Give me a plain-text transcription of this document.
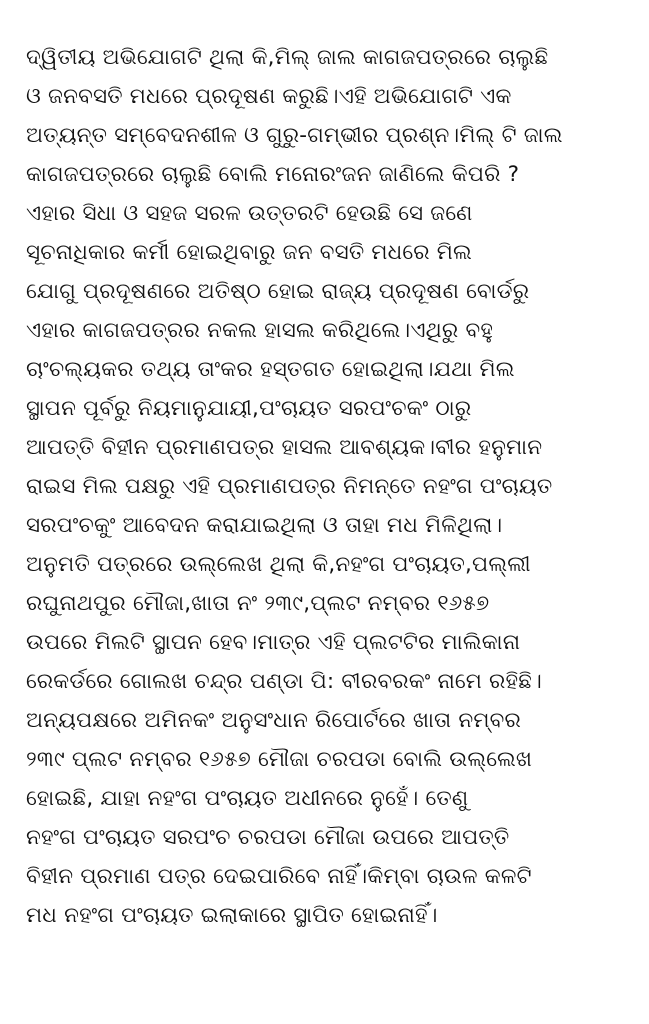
ଦ୍ୱିତୀୟ ଅଭିଯୋଗଟି ଥିଲା କି,ମିଲ୍ ଜାଲ କାଗଜପତ୍ରରେ ଚାଲୁଛି
ଓ ଜନବସତି ମଧରେ ପ୍ରଦୂଷଣ କରୁଛି।ଏହି ଅଭିଯୋଗଟି ଏକ
ଅତ୍ୟନ୍ତ ସମ୍ବେଦନଶୀଳ ଓ ଗୁରୁ-ଗମ୍ଭୀର ପ୍ରଶ୍ନ।ମିଲ୍ ଟି ଜାଲ
କାଗଜପତ୍ରରେ ଚାଲୁଛି ବୋଲି ମନୋରଂଜନ ଜାଣିଲେ କିପରି ?
ଏହାର ସିଧା ଓ ସହଜ ସରଳ ଉତ୍ତରଟି ହେଉଛି ସେ ଜଣେ
ସୂଚନାଧିକାର କର୍ମୀ ହୋଇଥିବାରୁ ଜନ ବସତି ମଧରେ ମିଲ
ଯୋଗୁ ପ୍ରଦୂଷଣରେ ଅତିଷ୍ଠ ହୋଇ ରାଜ୍ୟ ପ୍ରଦୂଷଣ ବୋର୍ଡରୁ
ଏହାର କାଗଜପତ୍ରର ନକଲ ହାସଲ କରିଥିଲେ।ଏଥିରୁ ବହୁ
ଚାଂଚଲ୍ୟକର ତଥ୍ୟ ତାଂକର ହସ୍ତଗତ ହୋଇଥିଲା।ଯଥା ମିଲ
ସ୍ଥାପନ ପୂର୍ବରୁ ନିୟମାନୁଯାୟୀ,ପଂଚାୟତ ସରପଂଚକଂ ଠାରୁ
ଆପତ୍ତି ବିହୀନ ପ୍ରମାଣପତ୍ର ହାସଲ ଆବଶ୍ୟକ।ବୀର ହନୁମାନ
ରାଇସ ମିଲ ପକ୍ଷରୁ ଏହି ପ୍ରମାଣପତ୍ର ନିମନ୍ତେ ନହଂଗ ପଂଚାୟତ
ସରପଂଚକୁଂ ଆବେଦନ କରାଯାଇଥିଲା ଓ ତାହା ମଧ ମିଳିଥିଲା।
ଅନୁମତି ପତ୍ରରେ ଉଲ୍ଲେଖ ଥିଲା କି,ନହଂଗ ପଂଚାୟତ,ପଲ୍ଲୀ
ରଘୁନାଥପୁର ମୌଜା,ଖାତା ନଂ ୨୩୯,ପ୍ଲଟ ନମ୍ବର ୧୬୫୭
ଉପରେ ମିଲଟି ସ୍ଥାପନ ହେବ।ମାତ୍ର ଏହି ପ୍ଲଟଟିର ମାଲିକାନା
ରେକର୍ଡରେ ଗୋଲଖ ଚନ୍ଦ୍ର ପଣ୍ଡା ପି: ବୀରବରକଂ ନାମେ ରହିଛି।
ଅନ୍ୟପକ୍ଷରେ ଅମିନକଂ ଅନୁସଂଧାନ ରିପୋର୍ଟରେ ଖାତା ନମ୍ବର
୨୩୯ ପ୍ଲଟ ନମ୍ବର ୧୬୫୭ ମୌଜା ଚରପଡା ବୋଲି ଉଲ୍ଲେଖ
ହୋଇଛି, ଯାହା ନହଂଗ ପଂଚାୟତ ଅଧୀନରେ ନୁହେଁ। ତେଣୁ
ନହଂଗ ପଂଚାୟତ ସରପଂଚ ଚରପଡା ମୌଜା ଉପରେ ଆପତ୍ତି
ବିହୀନ ପ୍ରମାଣ ପତ୍ର ଦେଇପାରିବେ ନାହିଁ।କିମ୍ବା ଚାଉଳ କଳଟି
ମଧ ନହଂଗ ପଂଚାୟତ ଇଲାକାରେ ସ୍ଥାପିତ ହୋଇନାହିଁ।
